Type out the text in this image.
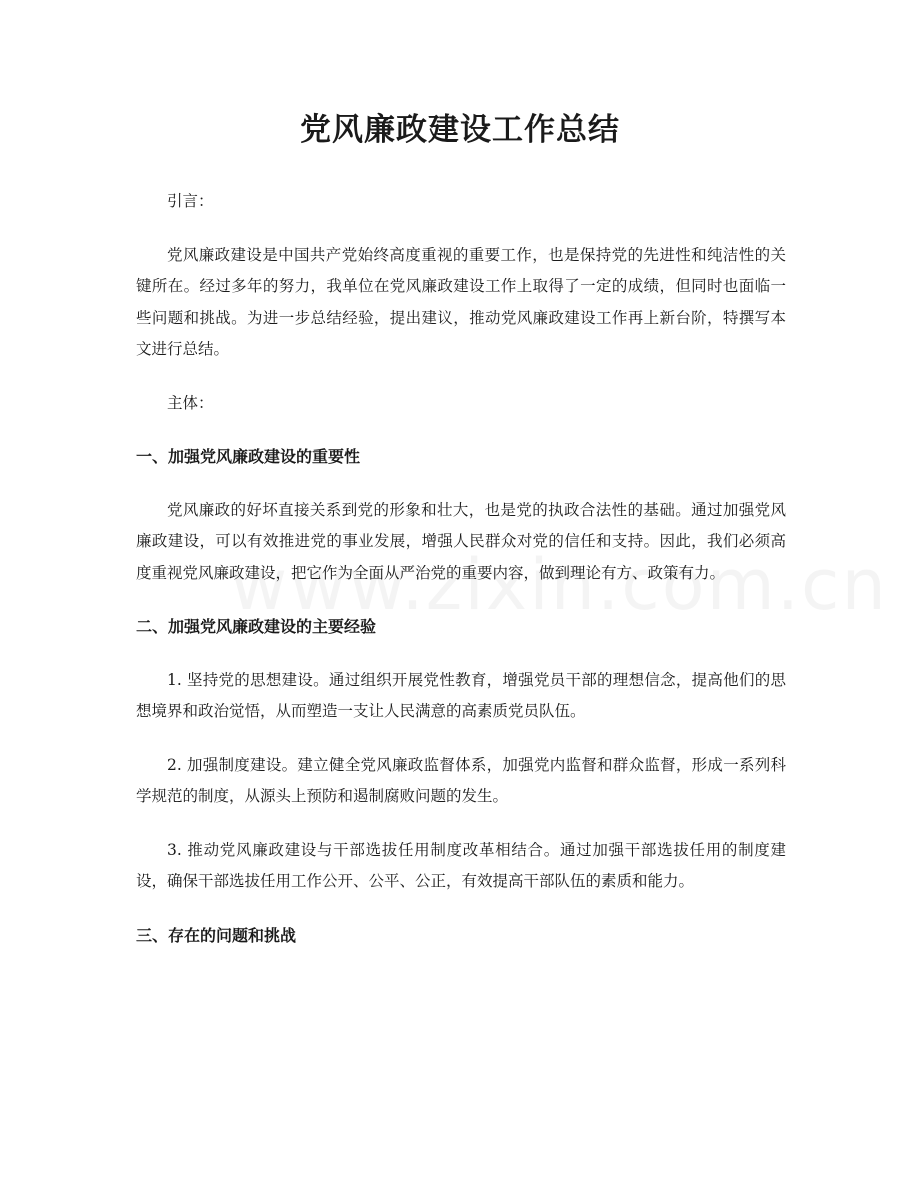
党风廉政建设工作总结

引言：

党风廉政建设是中国共产党始终高度重视的重要工作，也是保持党的先进性和纯洁性的关键所在。经过多年的努力，我单位在党风廉政建设工作上取得了一定的成绩，但同时也面临一些问题和挑战。为进一步总结经验，提出建议，推动党风廉政建设工作再上新台阶，特撰写本文进行总结。

主体：

一、加强党风廉政建设的重要性

党风廉政的好坏直接关系到党的形象和壮大，也是党的执政合法性的基础。通过加强党风廉政建设，可以有效推进党的事业发展，增强人民群众对党的信任和支持。因此，我们必须高度重视党风廉政建设，把它作为全面从严治党的重要内容，做到理论有方、政策有力。

二、加强党风廉政建设的主要经验

1. 坚持党的思想建设。通过组织开展党性教育，增强党员干部的理想信念，提高他们的思想境界和政治觉悟，从而塑造一支让人民满意的高素质党员队伍。

2. 加强制度建设。建立健全党风廉政监督体系，加强党内监督和群众监督，形成一系列科学规范的制度，从源头上预防和遏制腐败问题的发生。

3. 推动党风廉政建设与干部选拔任用制度改革相结合。通过加强干部选拔任用的制度建设，确保干部选拔任用工作公开、公平、公正，有效提高干部队伍的素质和能力。

三、存在的问题和挑战
